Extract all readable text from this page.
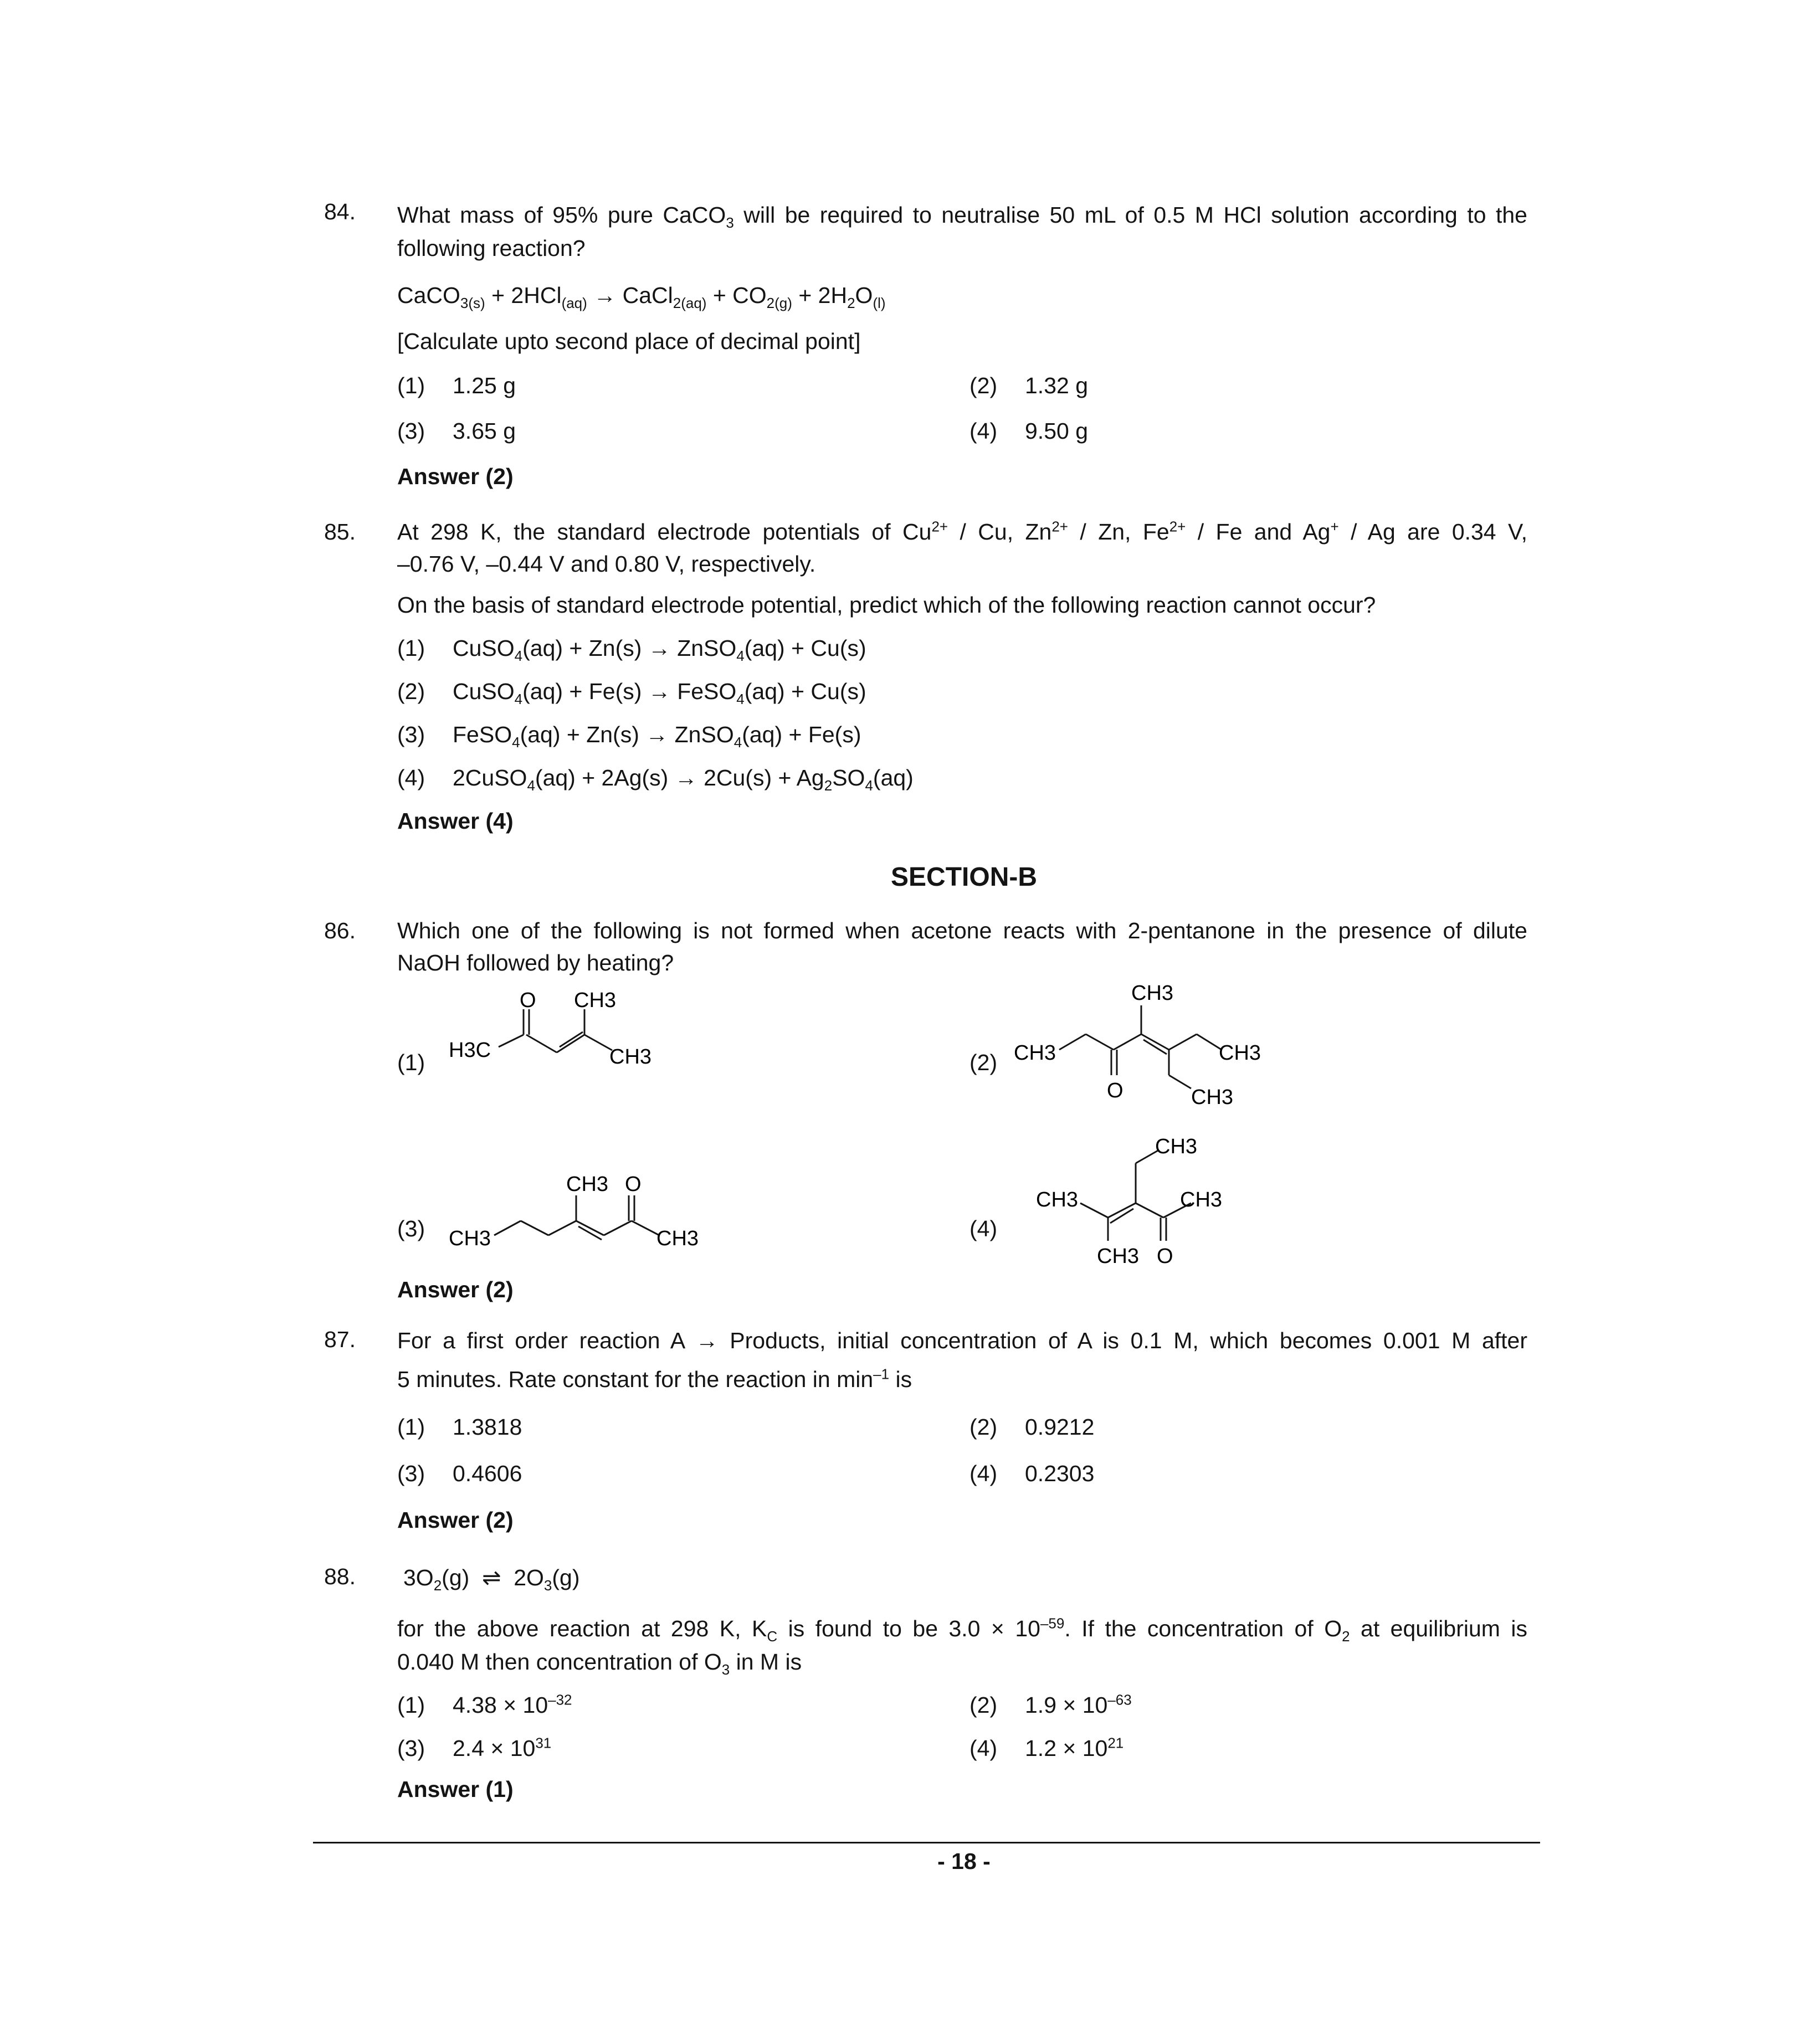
84. What mass of 95% pure CaCO$_3$ will be required to neutralise 50 mL of 0.5 M HCl solution according to the
following reaction?
CaCO$_{3(s)}$ + 2HCl$_{(aq)}$ → CaCl$_{2(aq)}$ + $CO_{2(g)} + 2H_2O_{(l)}$
[Calculate upto second place of decimal point]
(1) 1.25 g	(2) 1.32 g
(3) 3.65 g	(4) 9.50 g
Answer (2)
85. At 298 K, the standard electrode potentials of $Cu^{2+}$ / Cu, $Zn^{2+}$ / Zn, $Fe^{2+}$ / Fe and Ag+ / Ag are 0.34 V,
–0.76 V, –0.44 V and 0.80 V, respectively.
On the basis of standard electrode potential, predict which of the following reaction cannot occur?
(1) CuSO$_4$(aq) + Zn(s) → ZnSO$_4$(aq) + Cu(s)
(2) CuSO$_4$(aq) + Fe(s) → FeSO$_4$(aq) + Cu(s)
(3) FeSO$_4$(aq) + Zn(s) → ZnSO$_4$(aq) + Fe(s)
(4) 2CuSO$_4$(aq) + $2Ag(s) \to 2Cu(s) + Ag_2SO_4(aq)$
Answer (4)
SECTION-B
86. Which one of the following is not formed when acetone reacts with 2-pentanone in the presence of dilute
NaOH followed by heating?
(1)
O CH3
H3C	CH3	(2)
CH3
CH3
O
CH3
CH3
(3)
CH3 O
CH3	CH3	(4)
CH3
CH3	CH3
CH3 O
Answer (2)
87. For a first order reaction A → Products, initial concentration of A is 0.1 M, which becomes 0.001 M after
5 minutes. Rate constant for the reaction in $\min^{-1}$ is
(1) 1.3818	(2) 0.9212
(3) 0.4606	(4) 0.2303
Answer (2)
88. $3O_2(g)$  ⇌  $2O_3(g)$
for the above reaction at 298 K, $K_C$ is found to be $3.0 \times 10^{-59}$. If the concentration of $O_2$ at equilibrium is
0.040 M then concentration of $O_3$ in M is
(1) $4.38 \times 10^{-32}$	(2) $1.9 \times 10^{-63}$
(3) $2.4 \times 10^{31}$	(4) $1.2 \times 10^{21}$
Answer (1)
- 18 -
